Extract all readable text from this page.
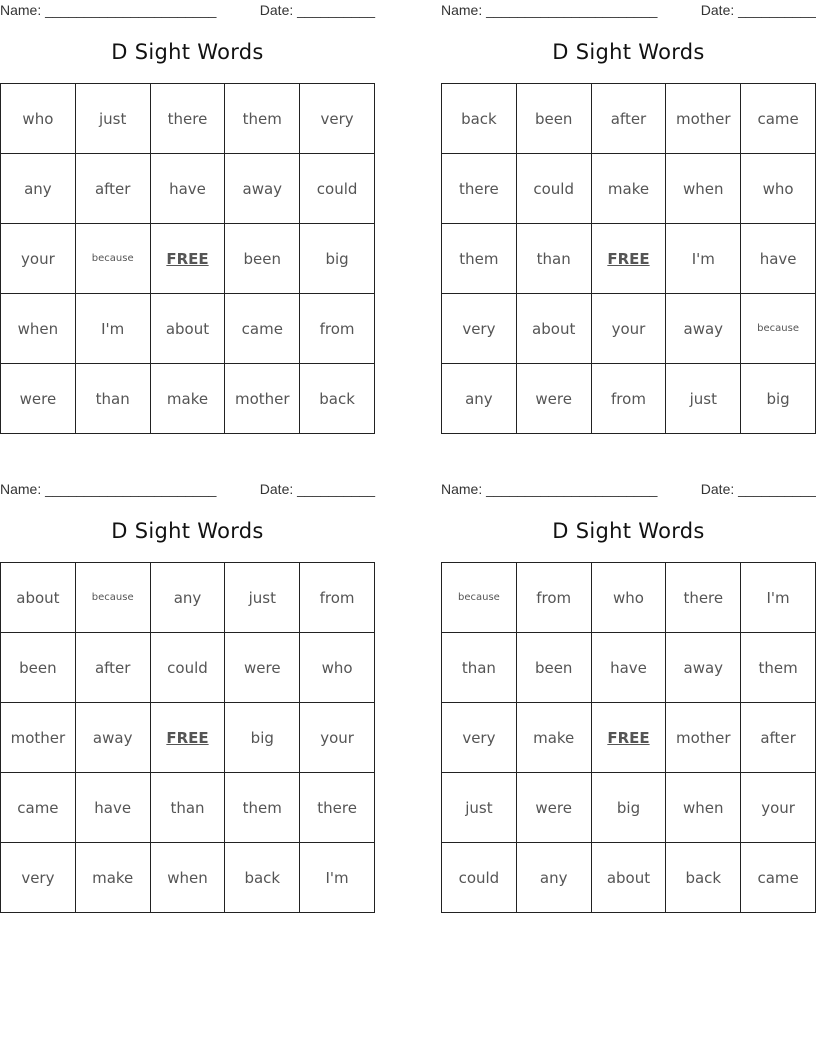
Name: ______________________	Date: __________
D Sight Words
who	just	there	them	very
any	after	have	away	could
your	because	FREE	been	big
when	I'm	about	came	from
were	than	make	mother	back
Name: ______________________	Date: __________
D Sight Words
back	been	after	mother	came
there	could	make	when	who
them	than	FREE	I'm	have
very	about	your	away	because
any	were	from	just	big
Name: ______________________	Date: __________
D Sight Words
about	because	any	just	from
been	after	could	were	who
mother	away	FREE	big	your
came	have	than	them	there
very	make	when	back	I'm
Name: ______________________	Date: __________
D Sight Words
because	from	who	there	I'm
than	been	have	away	them
very	make	FREE	mother	after
just	were	big	when	your
could	any	about	back	came
